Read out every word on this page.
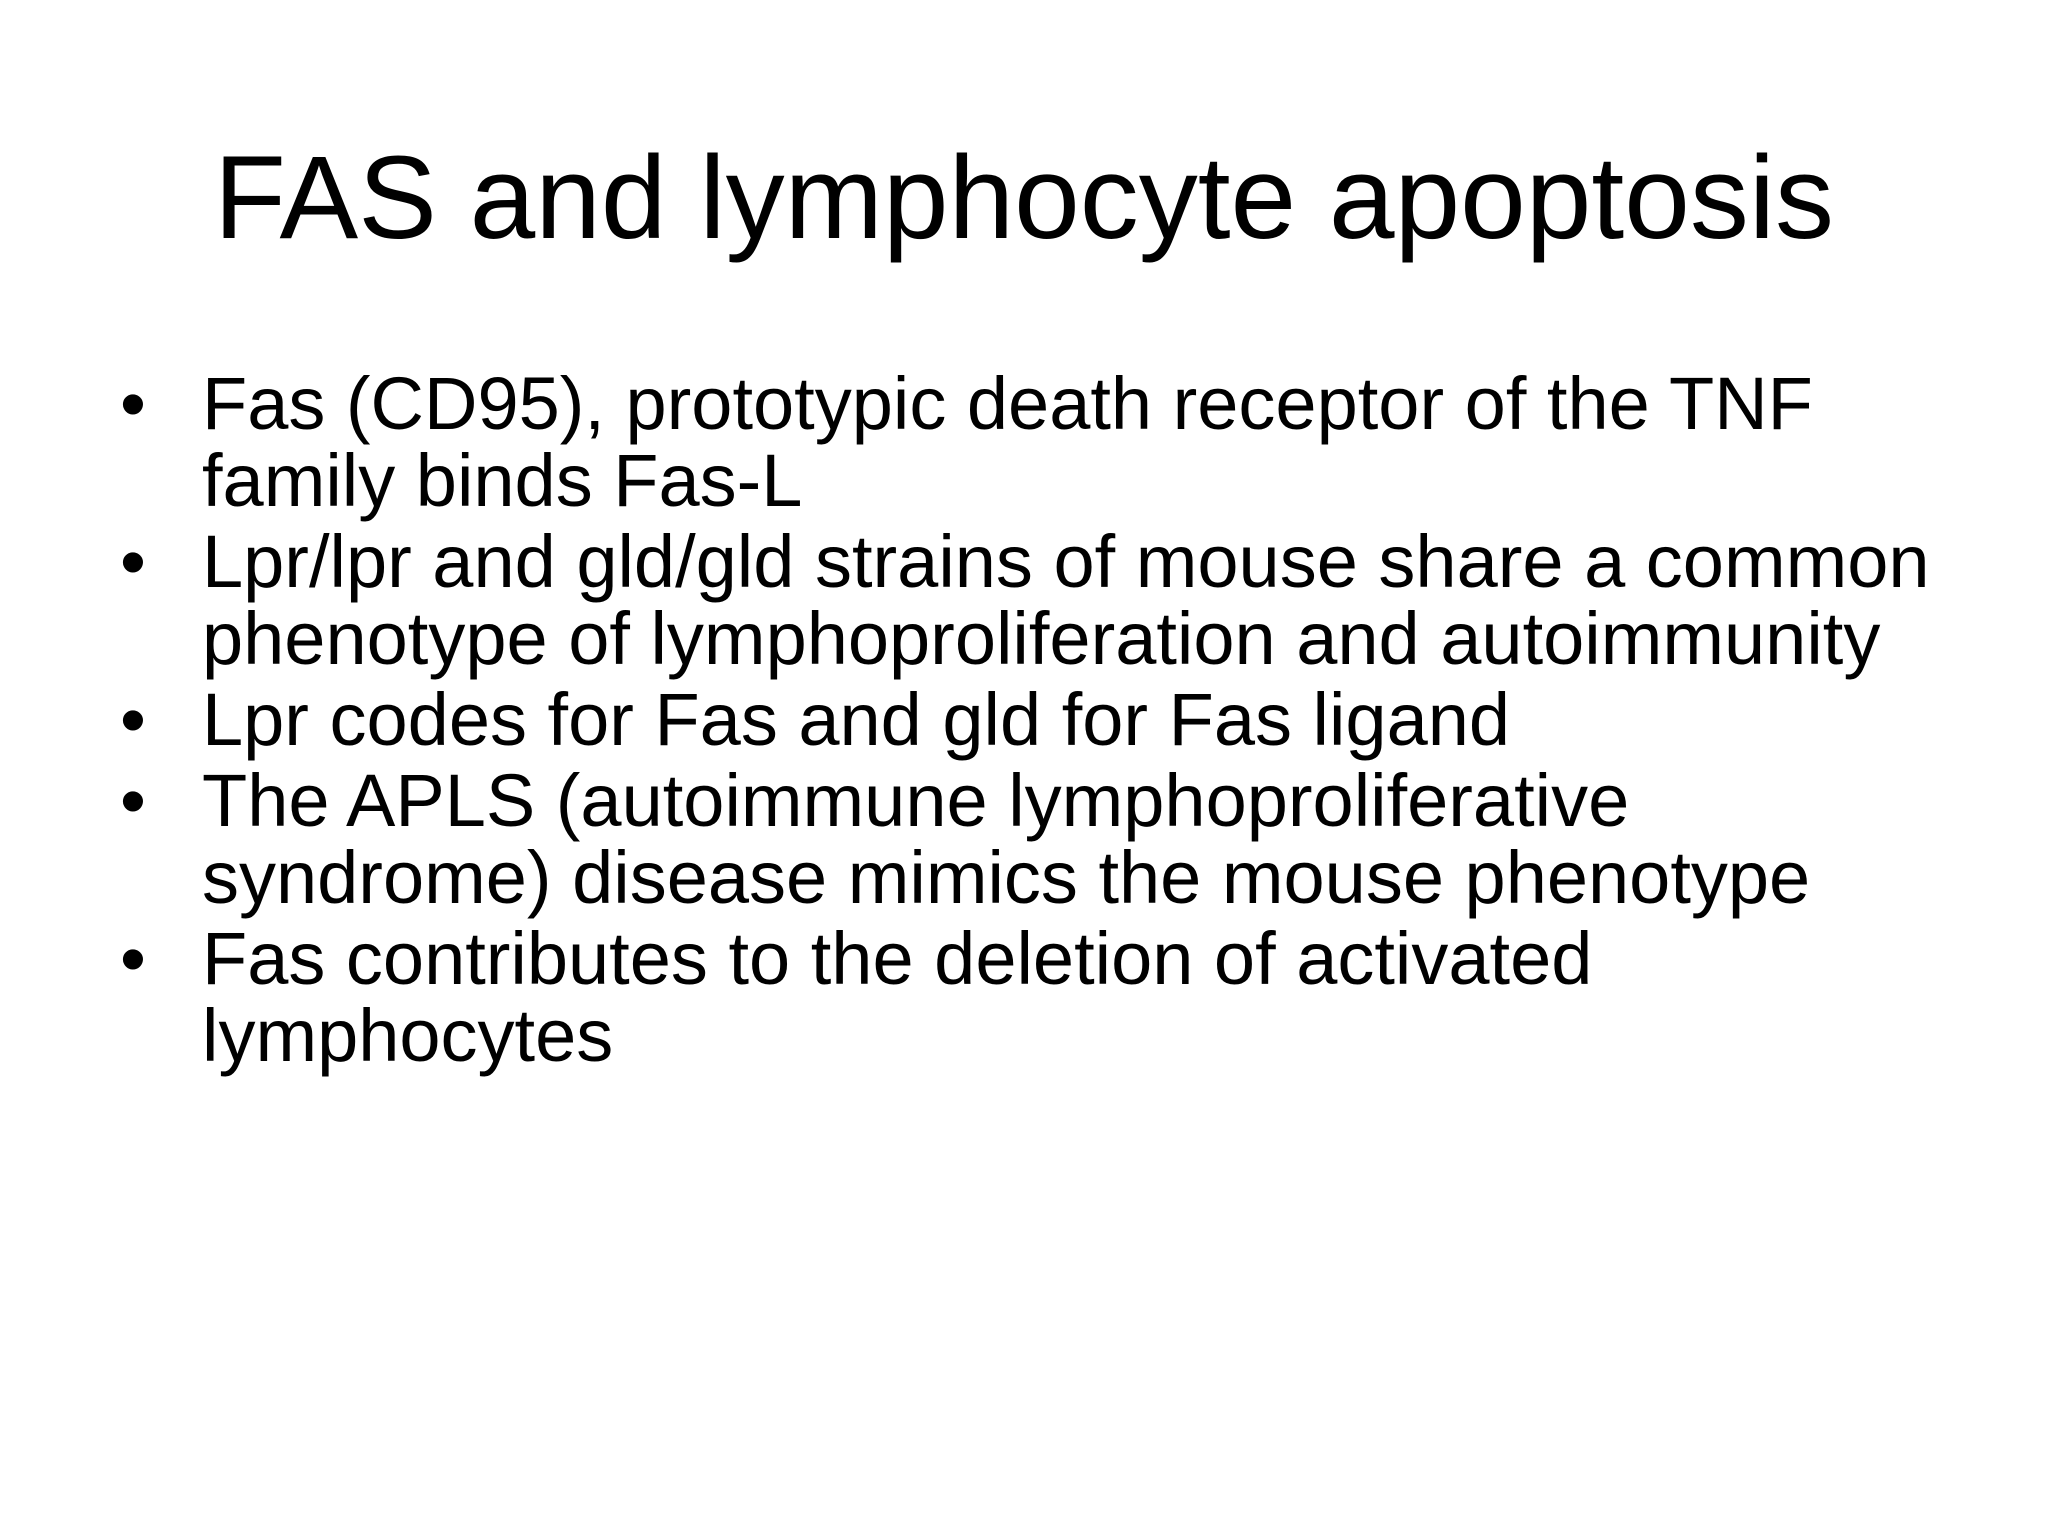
FAS and lymphocyte apoptosis
• Fas (CD95), prototypic death receptor of the TNF family binds Fas-L
• Lpr/lpr and gld/gld strains of mouse share a common phenotype of lymphoproliferation and autoimmunity
• Lpr codes for Fas and gld for Fas ligand
• The APLS (autoimmune lymphoproliferative syndrome) disease mimics the mouse phenotype
• Fas contributes to the deletion of activated lymphocytes
